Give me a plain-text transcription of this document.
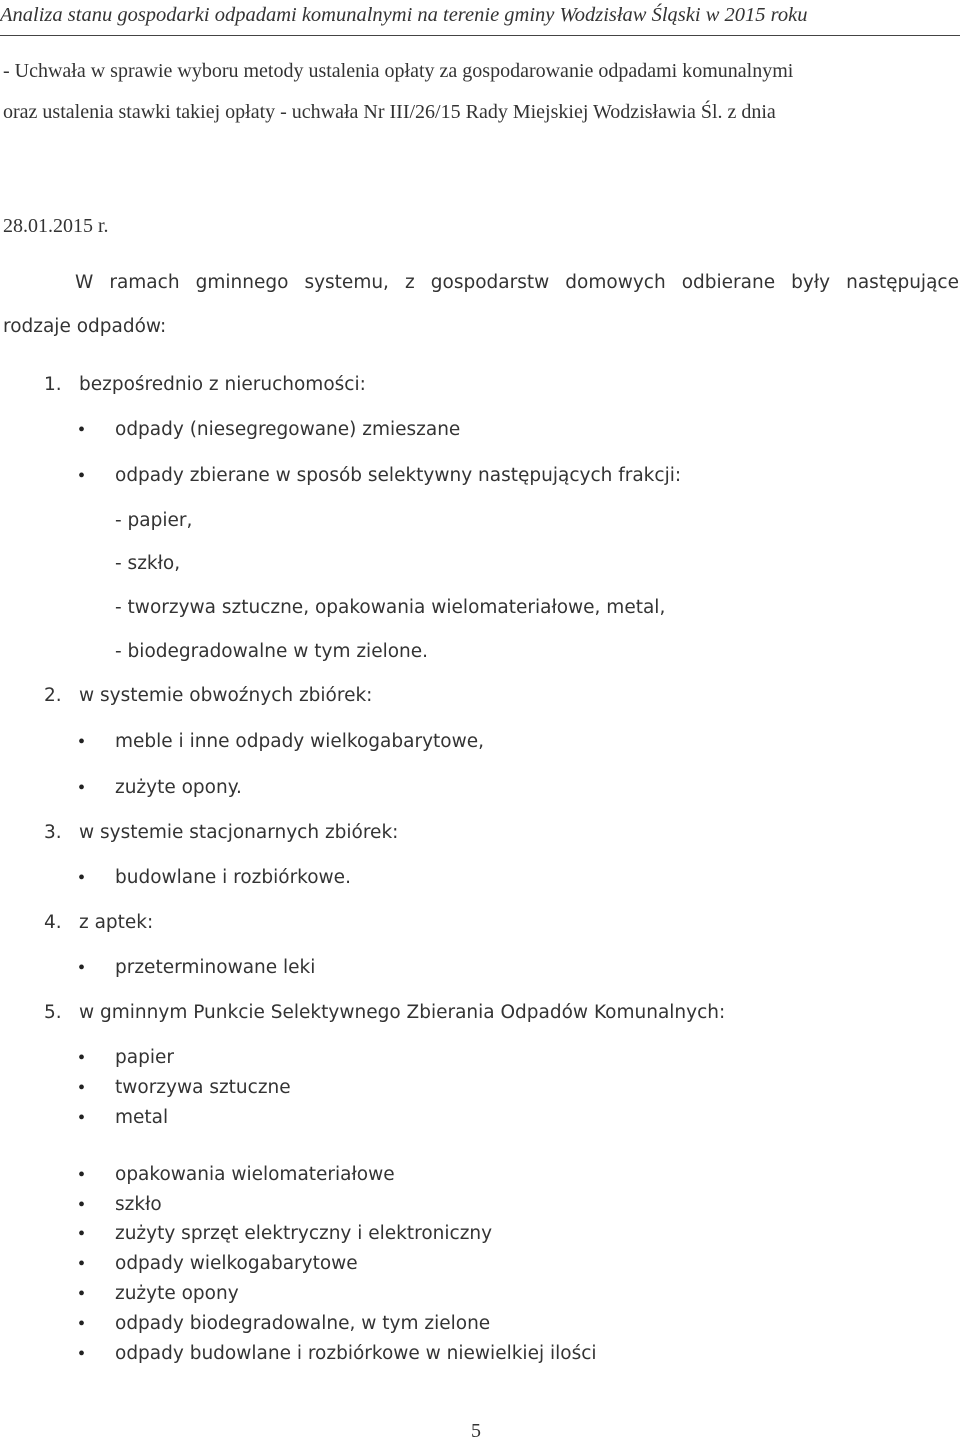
Analiza stanu gospodarki odpadami komunalnymi na terenie gminy Wodzisław Śląski w 2015 roku
- Uchwała w sprawie wyboru metody ustalenia opłaty za gospodarowanie odpadami komunalnymi
oraz ustalenia stawki takiej opłaty - uchwała Nr III/26/15 Rady Miejskiej Wodzisławia Śl. z dnia
28.01.2015 r.
W ramach gminnego systemu, z gospodarstw domowych odbierane były następujące
rodzaje odpadów:
1. bezpośrednio z nieruchomości:
• odpady (niesegregowane) zmieszane
• odpady zbierane w sposób selektywny następujących frakcji:
- papier,
- szkło,
- tworzywa sztuczne, opakowania wielomateriałowe, metal,
- biodegradowalne w tym zielone.
2. w systemie obwoźnych zbiórek:
• meble i inne odpady wielkogabarytowe,
• zużyte opony.
3. w systemie stacjonarnych zbiórek:
• budowlane i rozbiórkowe.
4. z aptek:
• przeterminowane leki
5. w gminnym Punkcie Selektywnego Zbierania Odpadów Komunalnych:
• papier
• tworzywa sztuczne
• metal
• opakowania wielomateriałowe
• szkło
• zużyty sprzęt elektryczny i elektroniczny
• odpady wielkogabarytowe
• zużyte opony
• odpady biodegradowalne, w tym zielone
• odpady budowlane i rozbiórkowe w niewielkiej ilości
5
